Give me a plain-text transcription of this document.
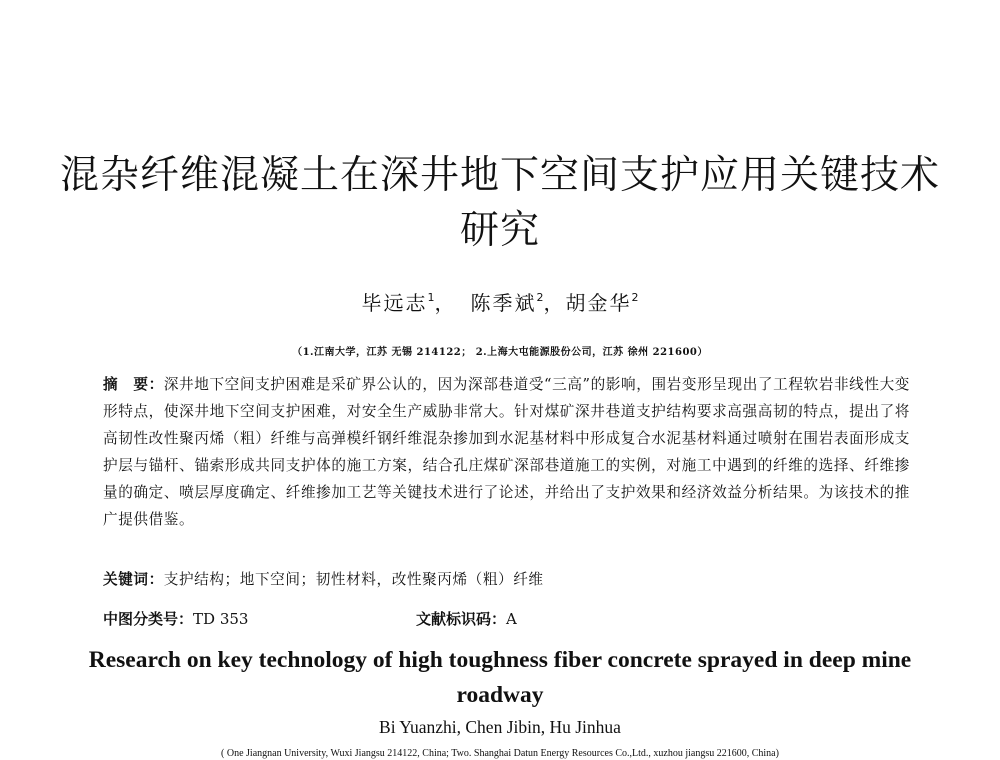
混杂纤维混凝土在深井地下空间支护应用关键技术研究
毕远志$^1$， 陈季斌$^2$，胡金华$^2$
（1.江南大学，江苏 无锡 214122； 2.上海大屯能源股份公司，江苏 徐州 221600）
摘　要：深井地下空间支护困难是采矿界公认的，因为深部巷道受“三高”的影响，围岩变形呈现出了工程软岩非线性大变形特点，使深井地下空间支护困难，对安全生产威胁非常大。针对煤矿深井巷道支护结构要求高强高韧的特点，提出了将高韧性改性聚丙烯（粗）纤维与高弹模纤钢纤维混杂掺加到水泥基材料中形成复合水泥基材料通过喷射在围岩表面形成支护层与锚杆、锚索形成共同支护体的施工方案，结合孔庄煤矿深部巷道施工的实例，对施工中遇到的纤维的选择、纤维掺量的确定、喷层厚度确定、纤维掺加工艺等关键技术进行了论述，并给出了支护效果和经济效益分析结果。为该技术的推广提供借鉴。
关键词：支护结构；地下空间；韧性材料，改性聚丙烯（粗）纤维
中图分类号：TD 353	文献标识码：A
Research on key technology of high toughness fiber concrete sprayed in deep mine roadway
Bi Yuanzhi, Chen Jibin, Hu Jinhua
( One Jiangnan University, Wuxi Jiangsu 214122, China; Two. Shanghai Datun Energy Resources Co.,Ltd., xuzhou jiangsu 221600, China)
